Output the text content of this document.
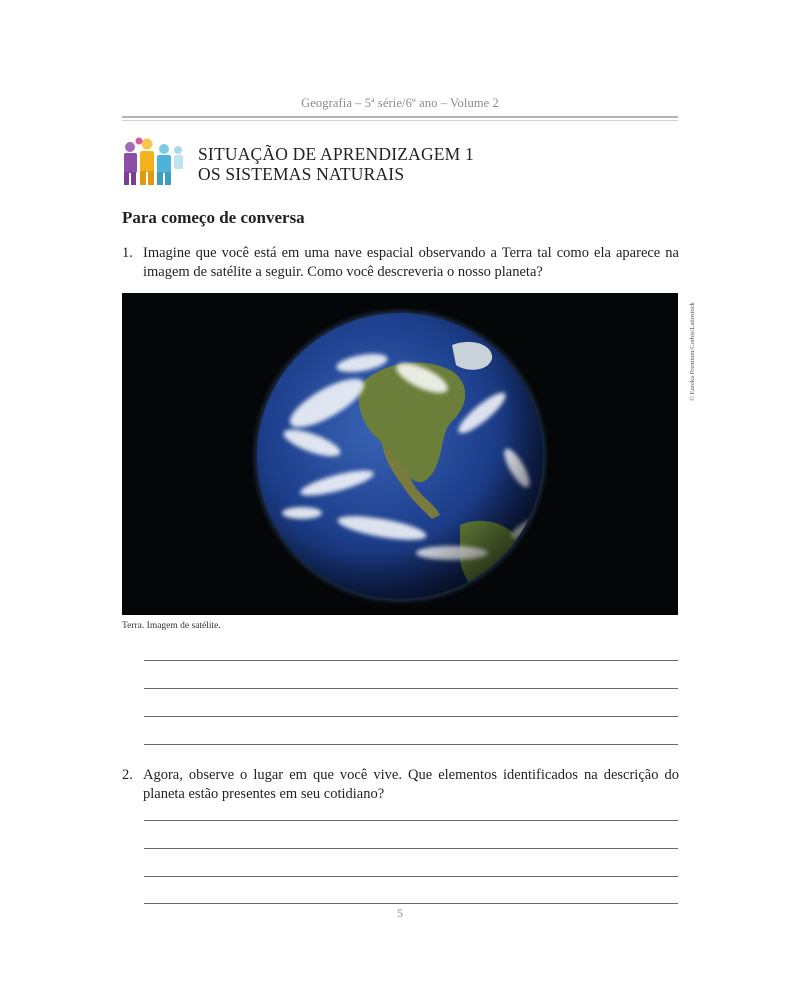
Geografia – 5ª série/6º ano – Volume 2
SITUAÇÃO DE APRENDIZAGEM 1
OS SISTEMAS NATURAIS
Para começo de conversa
1. Imagine que você está em uma nave espacial observando a Terra tal como ela aparece na imagem de satélite a seguir. Como você descreveria o nosso planeta?
© Eureka Premium/Corbis/Latinstock
Terra. Imagem de satélite.
2. Agora, observe o lugar em que você vive. Que elementos identificados na descrição do planeta estão presentes em seu cotidiano?
5
